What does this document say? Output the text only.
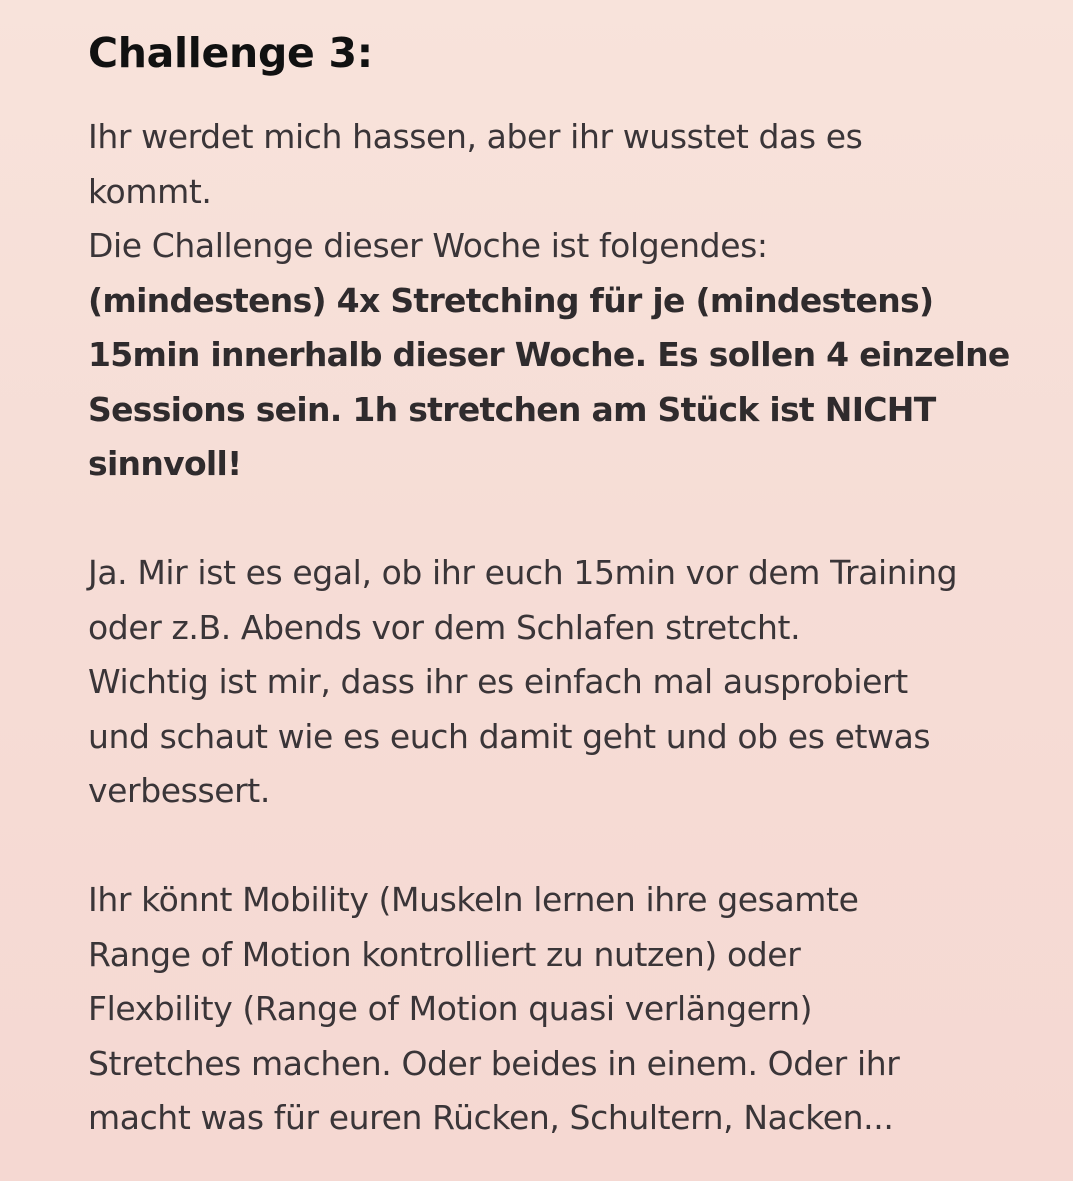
Challenge 3:

Ihr werdet mich hassen, aber ihr wusstet das es
kommt.
Die Challenge dieser Woche ist folgendes:

(mindestens) 4x Stretching für je (mindestens)
15min innerhalb dieser Woche. Es sollen 4 einzelne
Sessions sein. 1h stretchen am Stück ist NICHT
sinnvoll!

Ja. Mir ist es egal, ob ihr euch 15min vor dem Training
oder z.B. Abends vor dem Schlafen stretcht.
Wichtig ist mir, dass ihr es einfach mal ausprobiert
und schaut wie es euch damit geht und ob es etwas
verbessert.

Ihr könnt Mobility (Muskeln lernen ihre gesamte
Range of Motion kontrolliert zu nutzen) oder
Flexbility (Range of Motion quasi verlängern)
Stretches machen. Oder beides in einem. Oder ihr
macht was für euren Rücken, Schultern, Nacken...
